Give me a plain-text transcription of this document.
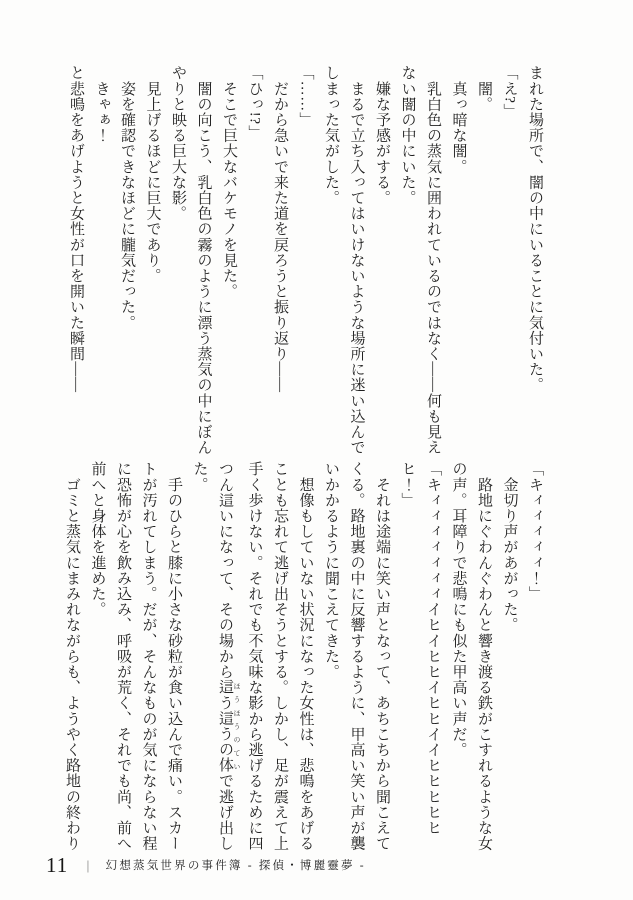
まれた場所で、闇の中にいることに気付いた。

「え?」

　闇。

　真っ暗な闇。

　乳白色の蒸気に囲われているのではなく――何も見え

ない闇の中にいた。

　嫌な予感がする。

　まるで立ち入ってはいけないような場所に迷い込んで

しまった気がした。

「……」

　だから急いで来た道を戻ろうと振り返り――

「ひっ!?」

　そこで巨大なバケモノを見た。

　闇の向こう、乳白色の霧のように漂う蒸気の中にぼん

やりと映る巨大な影。

　見上げるほどに巨大であり。

　姿を確認できなほどに朧気だった。

　きゃぁ！

と悲鳴をあげようと女性が口を開いた瞬間――

「キィィィィィ！」

　金切り声があがった。

　路地にぐわんぐわんと響き渡る鉄がこすれるような女

の声。耳障りで悲鳴にも似た甲高い声だ。

「キィィィィィィィイヒイヒヒイヒヒイイヒヒヒヒヒ

ヒ！」

　それは途端に笑い声となって、あちこちから聞こえて

くる。路地裏の中に反響するように、甲高い笑い声が襲

いかかるように聞こえてきた。

　想像もしていない状況になった女性は、悲鳴をあげる

ことも忘れて逃げ出そうとする。しかし、足が震えて上

手く歩けない。それでも不気味な影から逃げるために四

つん這いになって、その場から這う這うの体 ほうほうのていで逃げ出し

た。

　手のひらと膝に小さな砂粒が食い込んで痛い。スカー

トが汚れてしまう。だが、そんなものが気にならない程

に恐怖が心を飲み込み、呼吸が荒く、それでも尚、前へ

前へと身体を進めた。

　ゴミと蒸気にまみれながらも、ようやく路地の終わり

11 | 幻想蒸気世界の事件簿 - 探偵・博麗靈夢 -
